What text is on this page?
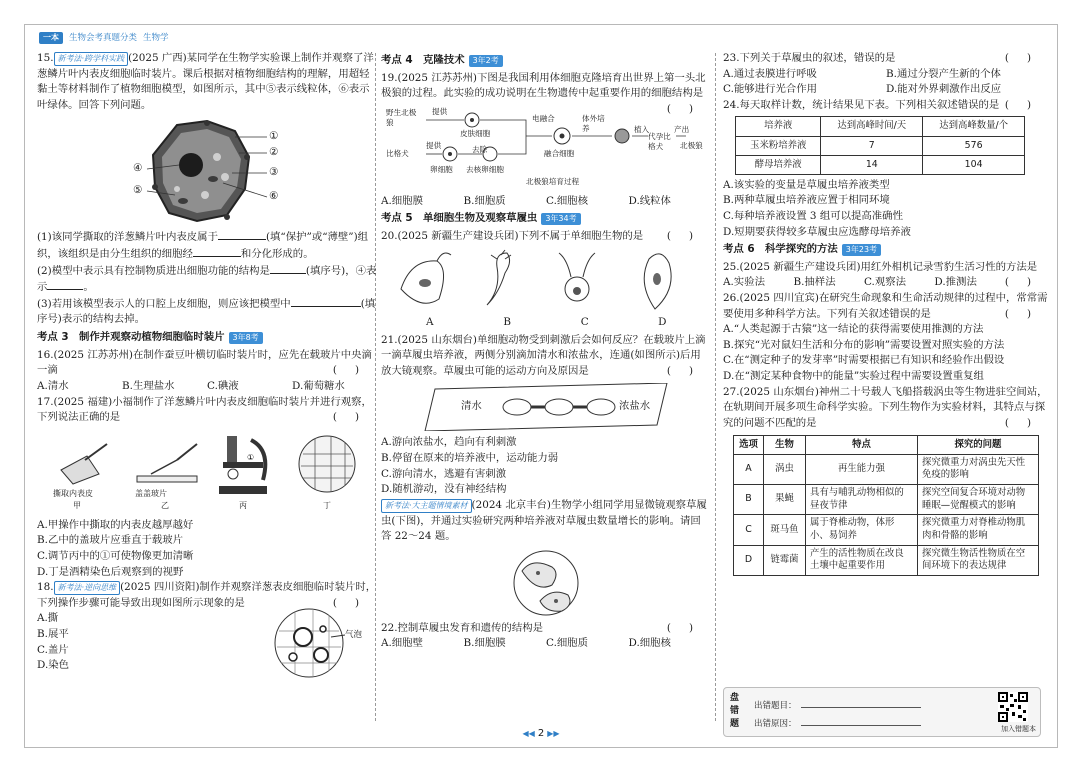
一本	生物会考真题分类 生物学

15. 新考法·跨学科实践 (2025 广西)某同学在生物学实验课上制作并观察了洋葱鳞片叶内表皮细胞临时装片。课后根据对植物细胞结构的理解，用超轻黏土等材料制作了植物细胞模型，如图所示，其中⑤表示线粒体，⑥表示叶绿体。回答下列问题。

①
②
③
④
⑤	⑥

(1)该同学撕取的洋葱鳞片叶内表皮属于	(填“保护”或“薄壁”)组织，该组织是由分生组织的细胞经	和分化形成的。

(2)模型中表示具有控制物质进出细胞功能的结构是	(填序号)，④表示	。

(3)若用该模型表示人的口腔上皮细胞，则应该把模型中	(填序号)表示的结构去掉。

考点 3　制作并观察动植物细胞临时装片 3年8考

16.(2025 江苏苏州)在制作蚕豆叶横切临时装片时，应先在载玻片中央滴一滴	()

A.清水	B.生理盐水	C.碘液	D.葡萄糖水

17.(2025 福建)小福制作了洋葱鳞片叶内表皮细胞临时装片并进行观察，下列说法正确的是	()

①
撕取内表皮	盖盖玻片
甲	乙	丙	丁

A.甲操作中撕取的内表皮越厚越好

B.乙中的盖玻片应垂直于载玻片

C.调节丙中的①可使物像更加清晰

D.丁是酒精染色后观察到的视野

18. 新考法·逆向思维 (2025 四川资阳)制作并观察洋葱表皮细胞临时装片时，下列操作步骤可能导致出现如图所示现象的是	()

A.撕

B.展平

C.盖片

D.染色

气泡

考点 4　克隆技术 3年2考

19.(2025 江苏苏州)下图是我国利用体细胞克隆培育出世界上第一头北极狼的过程。此实验的成功说明在生物遗传中起重要作用的细胞结构是
()

野生北极狼
提供
皮肤细胞
电融合
融合细胞
体外培养	植入
代孕比格犬
产出
北极狼
比格犬
提供
卵细胞
去除
去核卵细胞
北极狼培育过程
A.细胞膜	B.细胞质	C.细胞核	D.线粒体

考点 5　单细胞生物及观察草履虫 3年34考

20.(2025 新疆生产建设兵团)下列不属于单细胞生物的是 ()

A	B	C	D

21.(2025 山东烟台)单细胞动物受到刺激后会如何反应？在载玻片上滴一滴草履虫培养液，两侧分别滴加清水和浓盐水，连通(如图所示)后用放大镜观察。草履虫可能的运动方向及原因是	()

清水	浓盐水

A.游向浓盐水，趋向有利刺激

B.停留在原来的培养液中，运动能力弱

C.游向清水，逃避有害刺激

D.随机游动，没有神经结构

新考法·大主题情境素材 (2024 北京丰台)生物学小组同学用显微镜观察草履虫(下图)，并通过实验研究两种培养液对草履虫数量增长的影响。请回答 22～24 题。

22.控制草履虫发育和遗传的结构是	()

A.细胞壁	B.细胞膜	C.细胞质	D.细胞核

23.下列关于草履虫的叙述，错误的是	()

A.通过表膜进行呼吸	B.通过分裂产生新的个体
C.能够进行光合作用	D.能对外界刺激作出反应

24.每天取样计数，统计结果见下表。下列相关叙述错误的是 ()

培养液	达到高峰时间/天	达到高峰数量/个
玉米粉培养液	7	576
酵母培养液	14	104

A.该实验的变量是草履虫培养液类型

B.两种草履虫培养液应置于相同环境

C.每种培养液设置 3 组可以提高准确性

D.短期要获得较多草履虫应选酵母培养液

考点 6　科学探究的方法 3年23考

25.(2025 新疆生产建设兵团)用红外相机记录雪豹生活习性的方法是
()

A.实验法	B.抽样法	C.观察法	D.推测法

26.(2025 四川宜宾)在研究生命现象和生命活动规律的过程中，常常需要使用多种科学方法。下列有关叙述错误的是	()

A.“人类起源于古猿”这一结论的获得需要使用推测的方法

B.探究“光对鼠妇生活和分布的影响”需要设置对照实验的方法

C.在“测定种子的发芽率”时需要根据已有知识和经验作出假设

D.在“测定某种食物中的能量”实验过程中需要设置重复组

27.(2025 山东烟台)神州二十号载人飞船搭载涡虫等生物进驻空间站，在轨期间开展多项生命科学实验。下列生物作为实验材料，其特点与探究的问题不匹配的是	()

选项	生物	特点	探究的问题
A	涡虫	再生能力强	探究微重力对涡虫先天性免疫的影响
B	果蝇	具有与哺乳动物相似的昼夜节律	探究空间复合环境对动物睡眠—觉醒模式的影响
C	斑马鱼	属于脊椎动物，体形小、易饲养	探究微重力对脊椎动物肌肉和骨骼的影响
D	链霉菌	产生的活性物质在改良土壤中起重要作用	探究微生物活性物质在空间环境下的表达规律
盘错题
出错题目：
出错原因：	加入错题本
◀◀ 2 ▶▶
